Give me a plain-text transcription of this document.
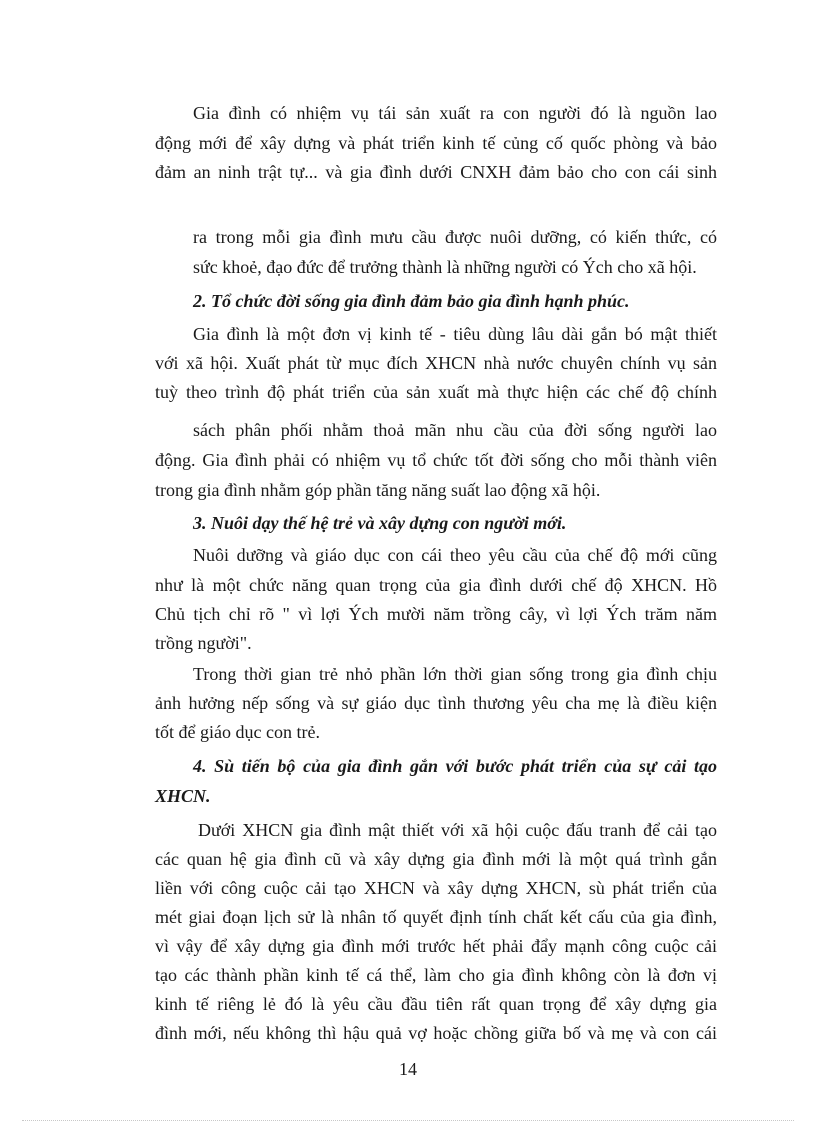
Gia đình có nhiệm vụ tái sản xuất ra con người đó là nguồn lao
động mới để xây dựng và phát triển kinh tế củng cố quốc phòng và bảo
đảm an ninh trật tự... và gia đình dưới CNXH đảm bảo cho con cái sinh
ra trong mỗi gia đình mưu cầu được nuôi dưỡng, có kiến thức, có
sức khoẻ, đạo đức để trưởng thành là những người có Ých cho xã hội.
2. Tổ chức đời sống gia đình đảm bảo gia đình hạnh phúc.
Gia đình là một đơn vị kinh tế - tiêu dùng lâu dài gắn bó mật thiết
với xã hội. Xuất phát từ mục đích XHCN nhà nước chuyên chính vụ sản
tuỳ theo trình độ phát triển của sản xuất mà thực hiện các chế độ chính
sách phân phối nhằm thoả mãn nhu cầu của đời sống người lao
động. Gia đình phải có nhiệm vụ tổ chức tốt đời sống cho mỗi thành viên
trong gia đình nhằm góp phần tăng năng suất lao động xã hội.
3. Nuôi dạy thế hệ trẻ và xây dựng con người mới.
Nuôi dưỡng và giáo dục con cái theo yêu cầu của chế độ mới cũng
như là một chức năng quan trọng của gia đình dưới chế độ XHCN. Hồ
Chủ tịch chỉ rõ " vì lợi Ých mười năm trồng cây, vì lợi Ých trăm năm
trồng người".
Trong thời gian trẻ nhỏ phần lớn thời gian sống trong gia đình chịu
ảnh hưởng nếp sống và sự giáo dục tình thương yêu cha mẹ là điều kiện
tốt để giáo dục con trẻ.
4. Sù tiến bộ của gia đình gắn với bước phát triển của sự cải tạo
XHCN.
Dưới XHCN gia đình mật thiết với xã hội cuộc đấu tranh để cải tạo
các quan hệ gia đình cũ và xây dựng gia đình mới là một quá trình gắn
liền với công cuộc cải tạo XHCN và xây dựng XHCN, sù phát triển của
mét giai đoạn lịch sử là nhân tố quyết định tính chất kết cấu của gia đình,
vì vậy để xây dựng gia đình mới trước hết phải đẩy mạnh công cuộc cải
tạo các thành phần kinh tế cá thể, làm cho gia đình không còn là đơn vị
kinh tế riêng lẻ đó là yêu cầu đầu tiên rất quan trọng để xây dựng gia
đình mới, nếu không thì hậu quả vợ hoặc chồng giữa bố và mẹ và con cái
14
